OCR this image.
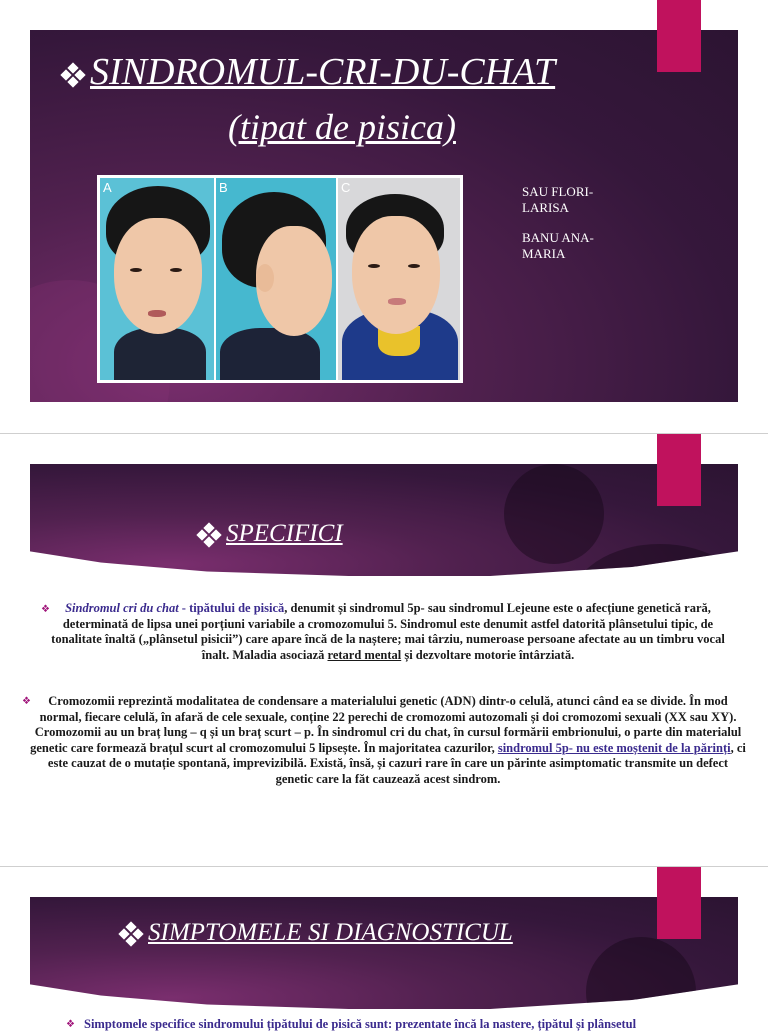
SINDROMUL-CRI-DU-CHAT
(tipat de pisica)
A	B	C	SAU FLORI-LARISA
BANU ANA-MARIA
SPECIFICI
❖	Sindromul cri du chat - tipătului de pisică, denumit și sindromul 5p- sau sindromul Lejeune este o afecțiune genetică rară, determinată de lipsa unei porțiuni variabile a cromozomului 5. Sindromul este denumit astfel datorită plânsetului tipic, de tonalitate înaltă („plânsetul pisicii”) care apare încă de la naștere; mai târziu, numeroase persoane afectate au un timbru vocal înalt. Maladia asociază retard mental și dezvoltare motorie întârziată.
❖	Cromozomii reprezintă modalitatea de condensare a materialului genetic (ADN) dintr-o celulă, atunci când ea se divide. În mod normal, fiecare celulă, în afară de cele sexuale, conține 22 perechi de cromozomi autozomali și doi cromozomi sexuali (XX sau XY). Cromozomii au un braț lung – q și un braț scurt – p. În sindromul cri du chat, în cursul formării embrionului, o parte din materialul genetic care formează brațul scurt al cromozomului 5 lipsește. În majoritatea cazurilor, sindromul 5p- nu este moștenit de la părinți, ci este cauzat de o mutație spontană, imprevizibilă. Există, însă, și cazuri rare în care un părinte asimptomatic transmite un defect genetic care la făt cauzează acest sindrom.
SIMPTOMELE SI DIAGNOSTICUL
❖ Simptomele specifice sindromului țipătului de pisică sunt: prezentate încă la nastere, țipătul și plânsetul
